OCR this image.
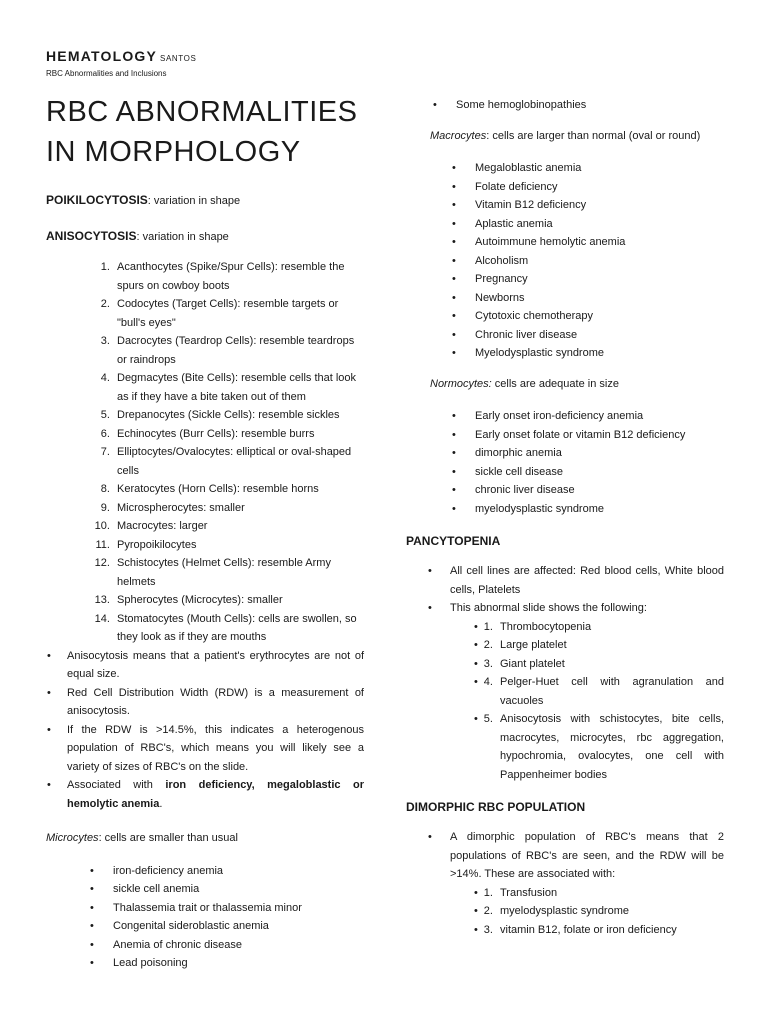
HEMATOLOGY SANTOS
RBC Abnormalities and Inclusions
RBC ABNORMALITIES
IN MORPHOLOGY

POIKILOCYTOSIS: variation in shape

ANISOCYTOSIS: variation in shape

1. Acanthocytes (Spike/Spur Cells): resemble the spurs on cowboy boots
2. Codocytes (Target Cells): resemble targets or "bull's eyes"
3. Dacrocytes (Teardrop Cells): resemble teardrops or raindrops
4. Degmacytes (Bite Cells): resemble cells that look as if they have a bite taken out of them
5. Drepanocytes (Sickle Cells): resemble sickles
6. Echinocytes (Burr Cells): resemble burrs
7. Elliptocytes/Ovalocytes: elliptical or oval-shaped cells
8. Keratocytes (Horn Cells): resemble horns
9. Microspherocytes: smaller
10. Macrocytes: larger
11. Pyropoikilocytes
12. Schistocytes (Helmet Cells): resemble Army helmets
13. Spherocytes (Microcytes): smaller
14. Stomatocytes (Mouth Cells): cells are swollen, so they look as if they are mouths
• Anisocytosis means that a patient's erythrocytes are not of equal size.
• Red Cell Distribution Width (RDW) is a measurement of anisocytosis.
• If the RDW is >14.5%, this indicates a heterogenous population of RBC's, which means you will likely see a variety of sizes of RBC's on the slide.
• Associated with iron deficiency, megaloblastic or hemolytic anemia.

Microcytes: cells are smaller than usual

• iron-deficiency anemia
• sickle cell anemia
• Thalassemia trait or thalassemia minor
• Congenital sideroblastic anemia
• Anemia of chronic disease
• Lead poisoning
• Some hemoglobinopathies

Macrocytes: cells are larger than normal (oval or round)

• Megaloblastic anemia
• Folate deficiency
• Vitamin B12 deficiency
• Aplastic anemia
• Autoimmune hemolytic anemia
• Alcoholism
• Pregnancy
• Newborns
• Cytotoxic chemotherapy
• Chronic liver disease
• Myelodysplastic syndrome

Normocytes: cells are adequate in size

• Early onset iron-deficiency anemia
• Early onset folate or vitamin B12 deficiency
• dimorphic anemia
• sickle cell disease
• chronic liver disease
• myelodysplastic syndrome
PANCYTOPENIA
• All cell lines are affected: Red blood cells, White blood cells, Platelets
• This abnormal slide shows the following:
• 1. Thrombocytopenia
• 2. Large platelet
• 3. Giant platelet
• 4. Pelger-Huet cell with agranulation and vacuoles
• 5. Anisocytosis with schistocytes, bite cells, macrocytes, microcytes, rbc aggregation, hypochromia, ovalocytes, one cell with Pappenheimer bodies
DIMORPHIC RBC POPULATION
• A dimorphic population of RBC's means that 2 populations of RBC's are seen, and the RDW will be >14%. These are associated with:
• 1. Transfusion
• 2. myelodysplastic syndrome
• 3. vitamin B12, folate or iron deficiency
